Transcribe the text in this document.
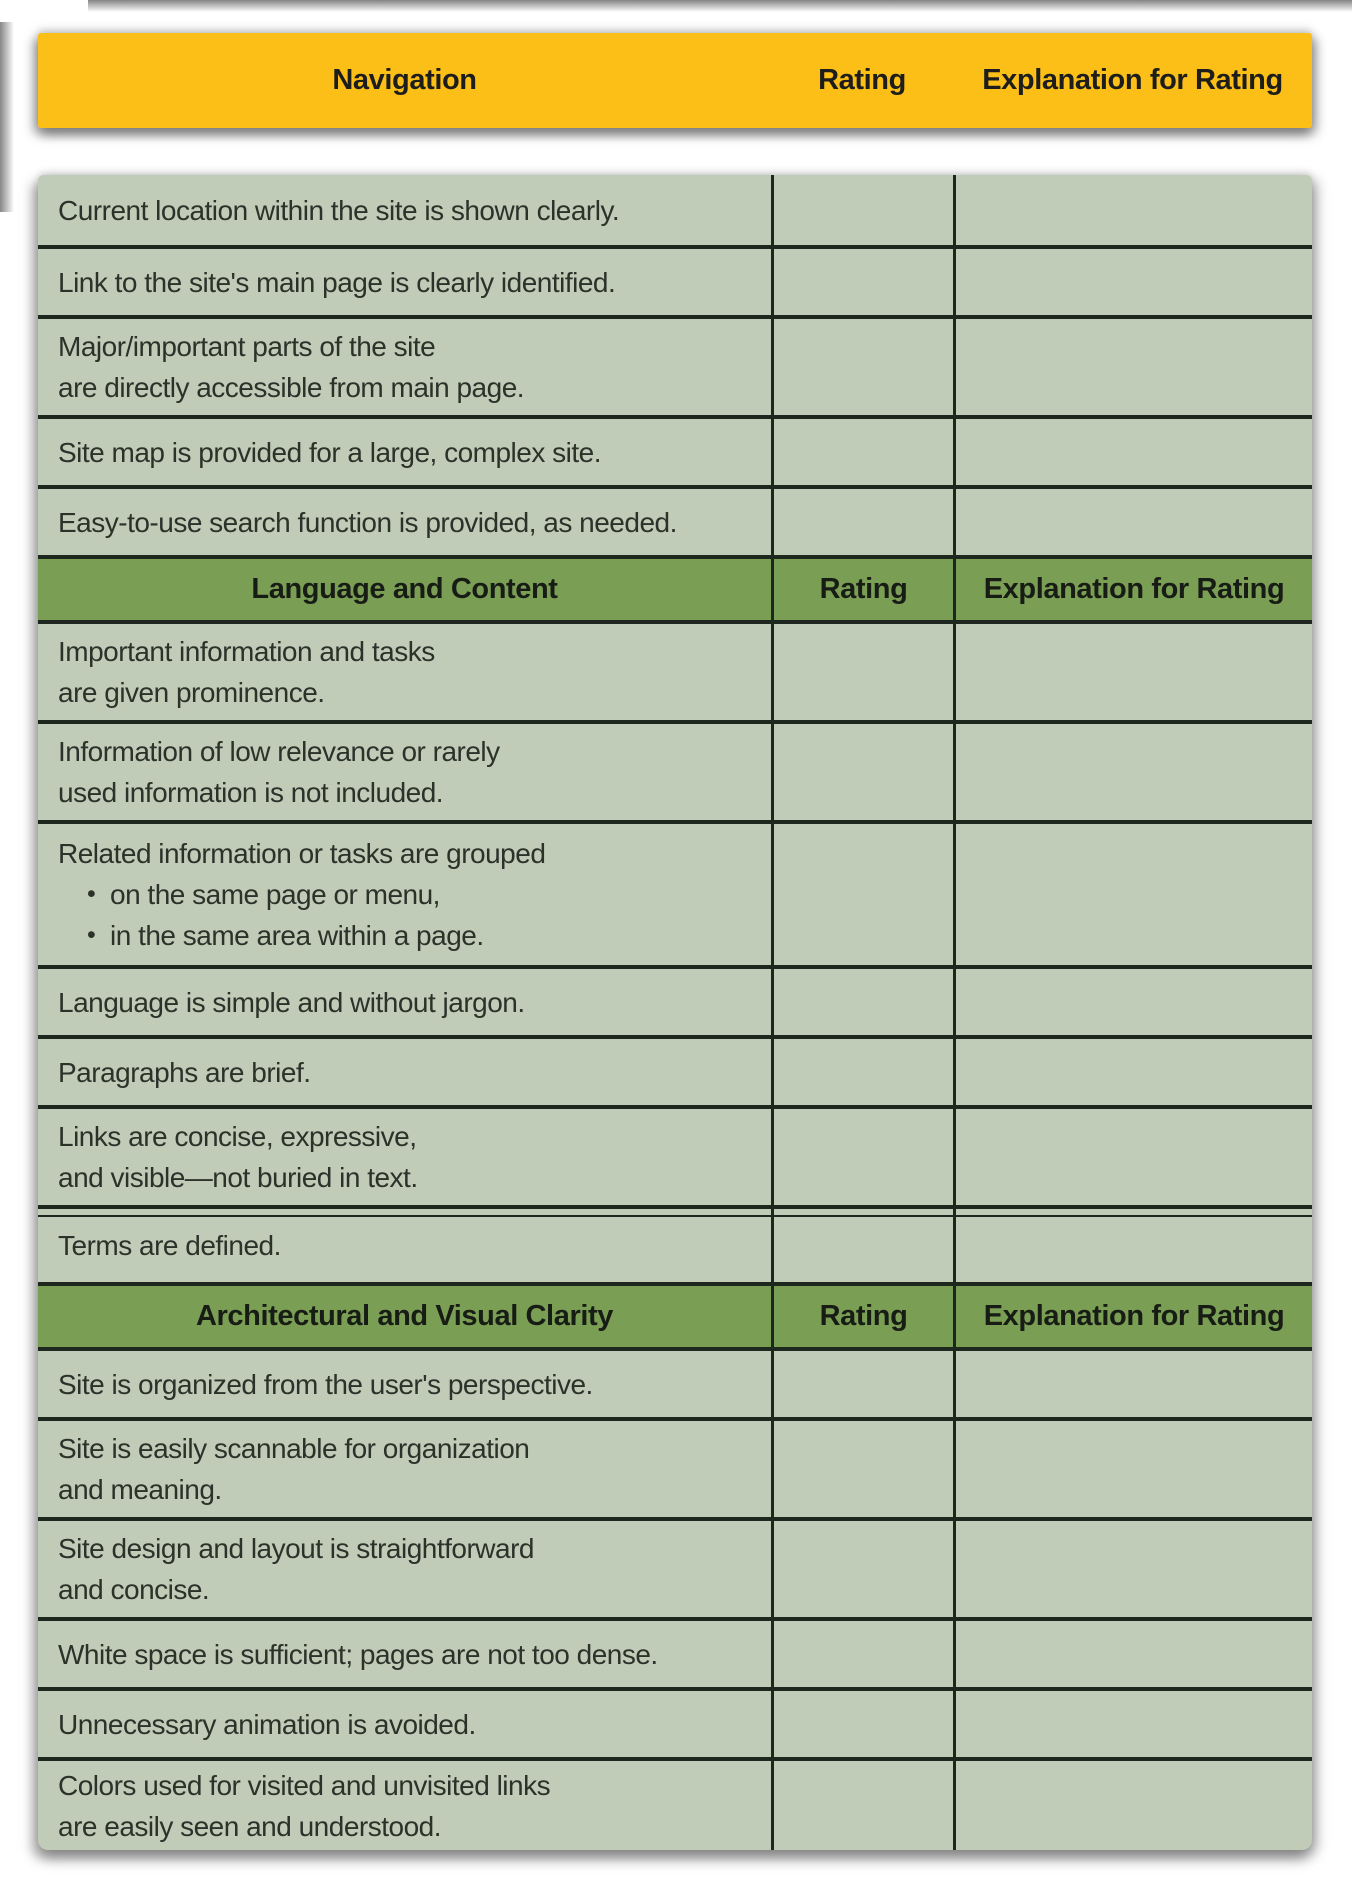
Navigation	Rating	Explanation for Rating
Current location within the site is shown clearly.
Link to the site's main page is clearly identified.
Major/important parts of the site
are directly accessible from main page.
Site map is provided for a large, complex site.
Easy-to-use search function is provided, as needed.
Language and Content	Rating	Explanation for Rating
Important information and tasks
are given prominence.
Information of low relevance or rarely
used information is not included.
Related information or tasks are grouped
• on the same page or menu,
• in the same area within a page.
Language is simple and without jargon.
Paragraphs are brief.
Links are concise, expressive,
and visible—not buried in text.
Terms are defined.
Architectural and Visual Clarity	Rating	Explanation for Rating
Site is organized from the user's perspective.
Site is easily scannable for organization
and meaning.
Site design and layout is straightforward
and concise.
White space is sufficient; pages are not too dense.
Unnecessary animation is avoided.
Colors used for visited and unvisited links
are easily seen and understood.
